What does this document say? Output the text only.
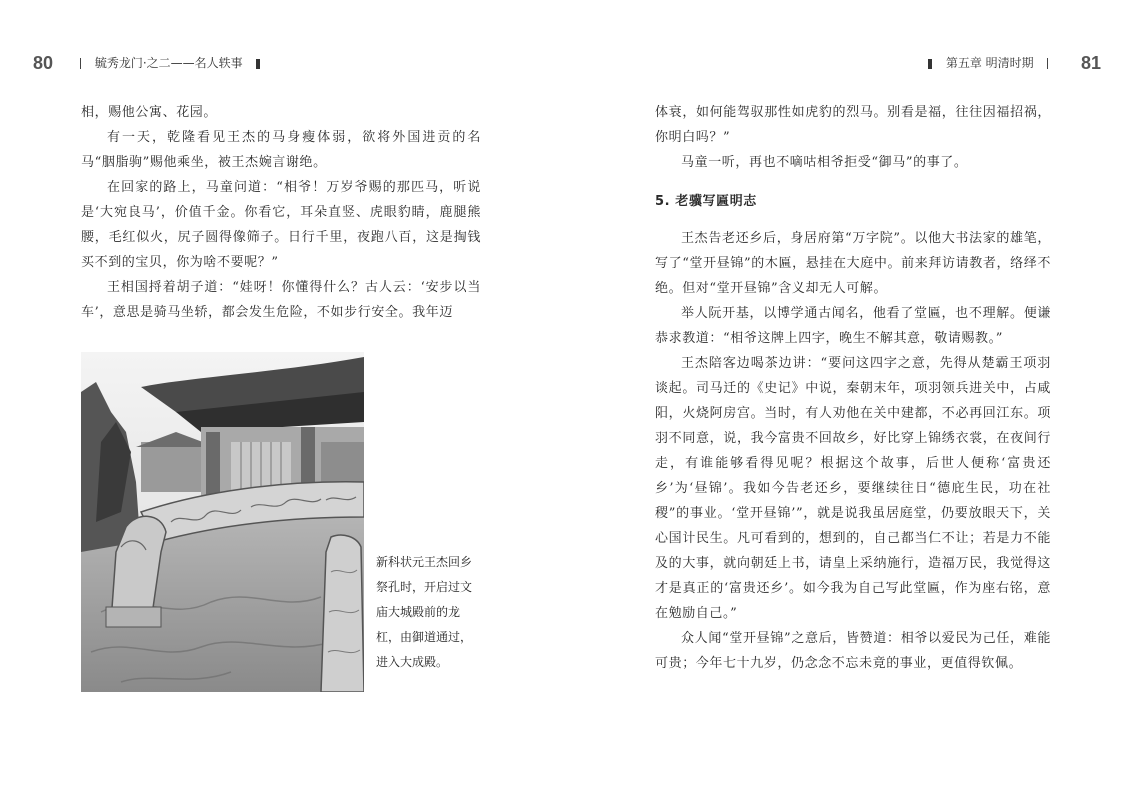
80	毓秀龙门·之二——名人轶事	第五章 明清时期	81

相，赐他公寓、花园。

有一天，乾隆看见王杰的马身瘦体弱，欲将外国进贡的名马“胭脂驹”赐他乘坐，被王杰婉言谢绝。

在回家的路上，马童问道：“相爷！万岁爷赐的那匹马，听说是‘大宛良马’，价值千金。你看它，耳朵直竖、虎眼豹睛，鹿腿熊腰，毛红似火，尻子圆得像筛子。日行千里，夜跑八百，这是掏钱买不到的宝贝，你为啥不要呢？”

王相国捋着胡子道：“娃呀！你懂得什么？古人云：‘安步以当车’，意思是骑马坐轿，都会发生危险，不如步行安全。我年迈

新科状元王杰回乡祭孔时，开启过文庙大城殿前的龙杠，由御道通过，进入大成殿。

体衰，如何能驾驭那性如虎豹的烈马。别看是福，往往因福招祸，你明白吗？”

马童一听，再也不嘀咕相爷拒受“御马”的事了。

5. 老骥写匾明志

王杰告老还乡后，身居府第“万字院”。以他大书法家的雄笔，写了“堂开昼锦”的木匾，悬挂在大庭中。前来拜访请教者，络绎不绝。但对“堂开昼锦”含义却无人可解。

举人阮开基，以博学通古闻名，他看了堂匾，也不理解。便谦恭求教道：“相爷这牌上四字，晚生不解其意，敬请赐教。”

王杰陪客边喝茶边讲：“要问这四字之意，先得从楚霸王项羽谈起。司马迁的《史记》中说，秦朝末年，项羽领兵进关中，占咸阳，火烧阿房宫。当时，有人劝他在关中建都，不必再回江东。项羽不同意，说，我今富贵不回故乡，好比穿上锦绣衣裳，在夜间行走，有谁能够看得见呢？根据这个故事，后世人便称‘富贵还乡’为‘昼锦’。我如今告老还乡，要继续往日“德庇生民，功在社稷”的事业。‘堂开昼锦’”，就是说我虽居庭堂，仍要放眼天下，关心国计民生。凡可看到的，想到的，自己都当仁不让；若是力不能及的大事，就向朝廷上书，请皇上采纳施行，造福万民，我觉得这才是真正的‘富贵还乡’。如今我为自己写此堂匾，作为座右铭，意在勉励自己。”

众人闻“堂开昼锦”之意后，皆赞道：相爷以爱民为己任，难能可贵；今年七十九岁，仍念念不忘未竟的事业，更值得钦佩。
